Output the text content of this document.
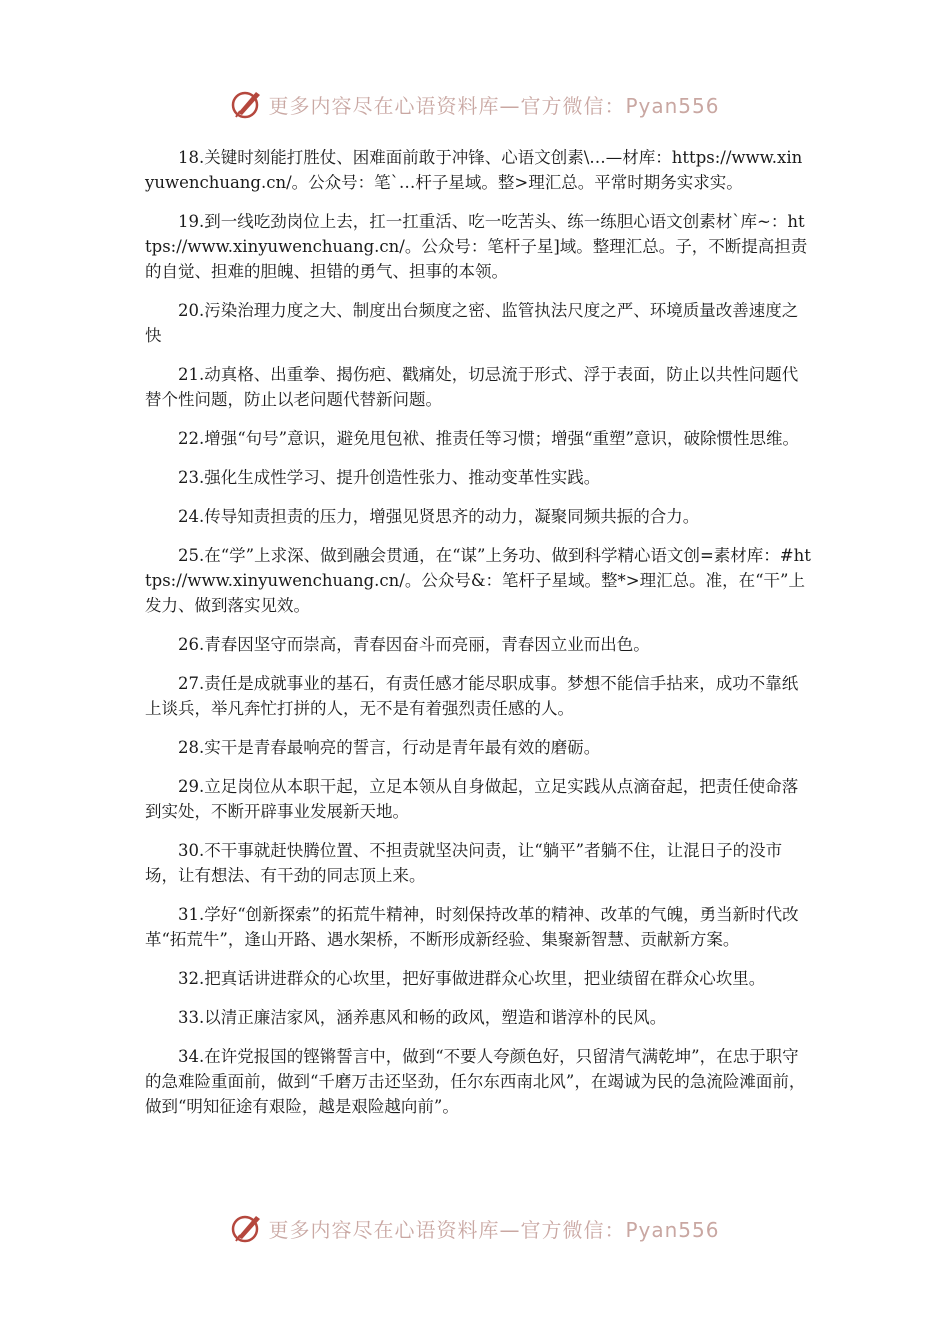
更多内容尽在心语资料库—官方微信：Pyan556

18.关键时刻能打胜仗、困难面前敢于冲锋、心语文创素\…—材库：https://www.xinyuwenchuang.cn/。公众号：笔`…杆子星域。整>理汇总。平常时期务实求实。

19.到一线吃劲岗位上去，扛一扛重活、吃一吃苦头、练一练胆心语文创素材`库~：https://www.xinyuwenchuang.cn/。公众号：笔杆子星]域。整理汇总。子，不断提高担责的自觉、担难的胆魄、担错的勇气、担事的本领。

20.污染治理力度之大、制度出台频度之密、监管执法尺度之严、环境质量改善速度之快

21.动真格、出重拳、揭伤疤、戳痛处，切忌流于形式、浮于表面，防止以共性问题代替个性问题，防止以老问题代替新问题。

22.增强“句号”意识，避免甩包袱、推责任等习惯；增强“重塑”意识，破除惯性思维。

23.强化生成性学习、提升创造性张力、推动变革性实践。

24.传导知责担责的压力，增强见贤思齐的动力，凝聚同频共振的合力。

25.在“学”上求深、做到融会贯通，在“谋”上务功、做到科学精心语文创=素材库：#https://www.xinyuwenchuang.cn/。公众号&：笔杆子星域。整*>理汇总。准，在“干”上发力、做到落实见效。

26.青春因坚守而崇高，青春因奋斗而亮丽，青春因立业而出色。

27.责任是成就事业的基石，有责任感才能尽职成事。梦想不能信手拈来，成功不靠纸上谈兵，举凡奔忙打拼的人，无不是有着强烈责任感的人。

28.实干是青春最响亮的誓言，行动是青年最有效的磨砺。

29.立足岗位从本职干起，立足本领从自身做起，立足实践从点滴奋起，把责任使命落到实处，不断开辟事业发展新天地。

30.不干事就赶快腾位置、不担责就坚决问责，让“躺平”者躺不住，让混日子的没市场，让有想法、有干劲的同志顶上来。

31.学好“创新探索”的拓荒牛精神，时刻保持改革的精神、改革的气魄，勇当新时代改革“拓荒牛”，逢山开路、遇水架桥，不断形成新经验、集聚新智慧、贡献新方案。

32.把真话讲进群众的心坎里，把好事做进群众心坎里，把业绩留在群众心坎里。

33.以清正廉洁家风，涵养惠风和畅的政风，塑造和谐淳朴的民风。

34.在许党报国的铿锵誓言中，做到“不要人夸颜色好，只留清气满乾坤”，在忠于职守的急难险重面前，做到“千磨万击还坚劲，任尔东西南北风”，在竭诚为民的急流险滩面前，做到“明知征途有艰险，越是艰险越向前”。

更多内容尽在心语资料库—官方微信：Pyan556
